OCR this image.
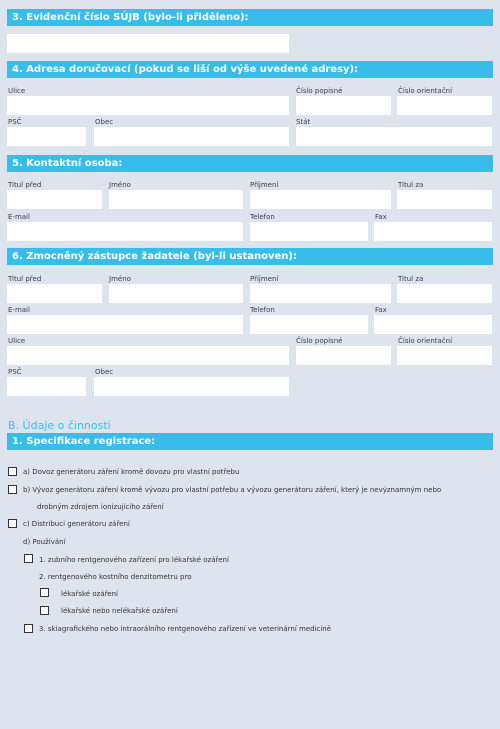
3. Evidenční číslo SÚJB (bylo-li přiděleno):
4. Adresa doručovací (pokud se liší od výše uvedené adresy):
Ulice	Číslo popisné	Číslo orientační
PSČ	Obec	Stát
5. Kontaktní osoba:
Titul před	Jméno	Příjmení	Titul za
E-mail	Telefon	Fax
6. Zmocněný zástupce žadatele (byl-li ustanoven):
Titul před	Jméno	Příjmení	Titul za
E-mail	Telefon	Fax
Ulice	Číslo popisné	Číslo orientační
PSČ	Obec
B. Údaje o činnosti
1. Specifikace registrace:
a) Dovoz generátoru záření kromě dovozu pro vlastní potřebu
b) Vývoz generátoru záření kromě vývozu pro vlastní potřebu a vývozu generátoru záření, který je nevýznamným nebo
drobným zdrojem ionizujícího záření
c) Distribuci generátoru záření
d) Používání
1. zubního rentgenového zařízení pro lékařské ozáření
2. rentgenového kostního denzitometru pro
lékařské ozáření
lékařské nebo nelékařské ozáření
3. skiagrafického nebo intraorálního rentgenového zařízení ve veterinární medicíně
